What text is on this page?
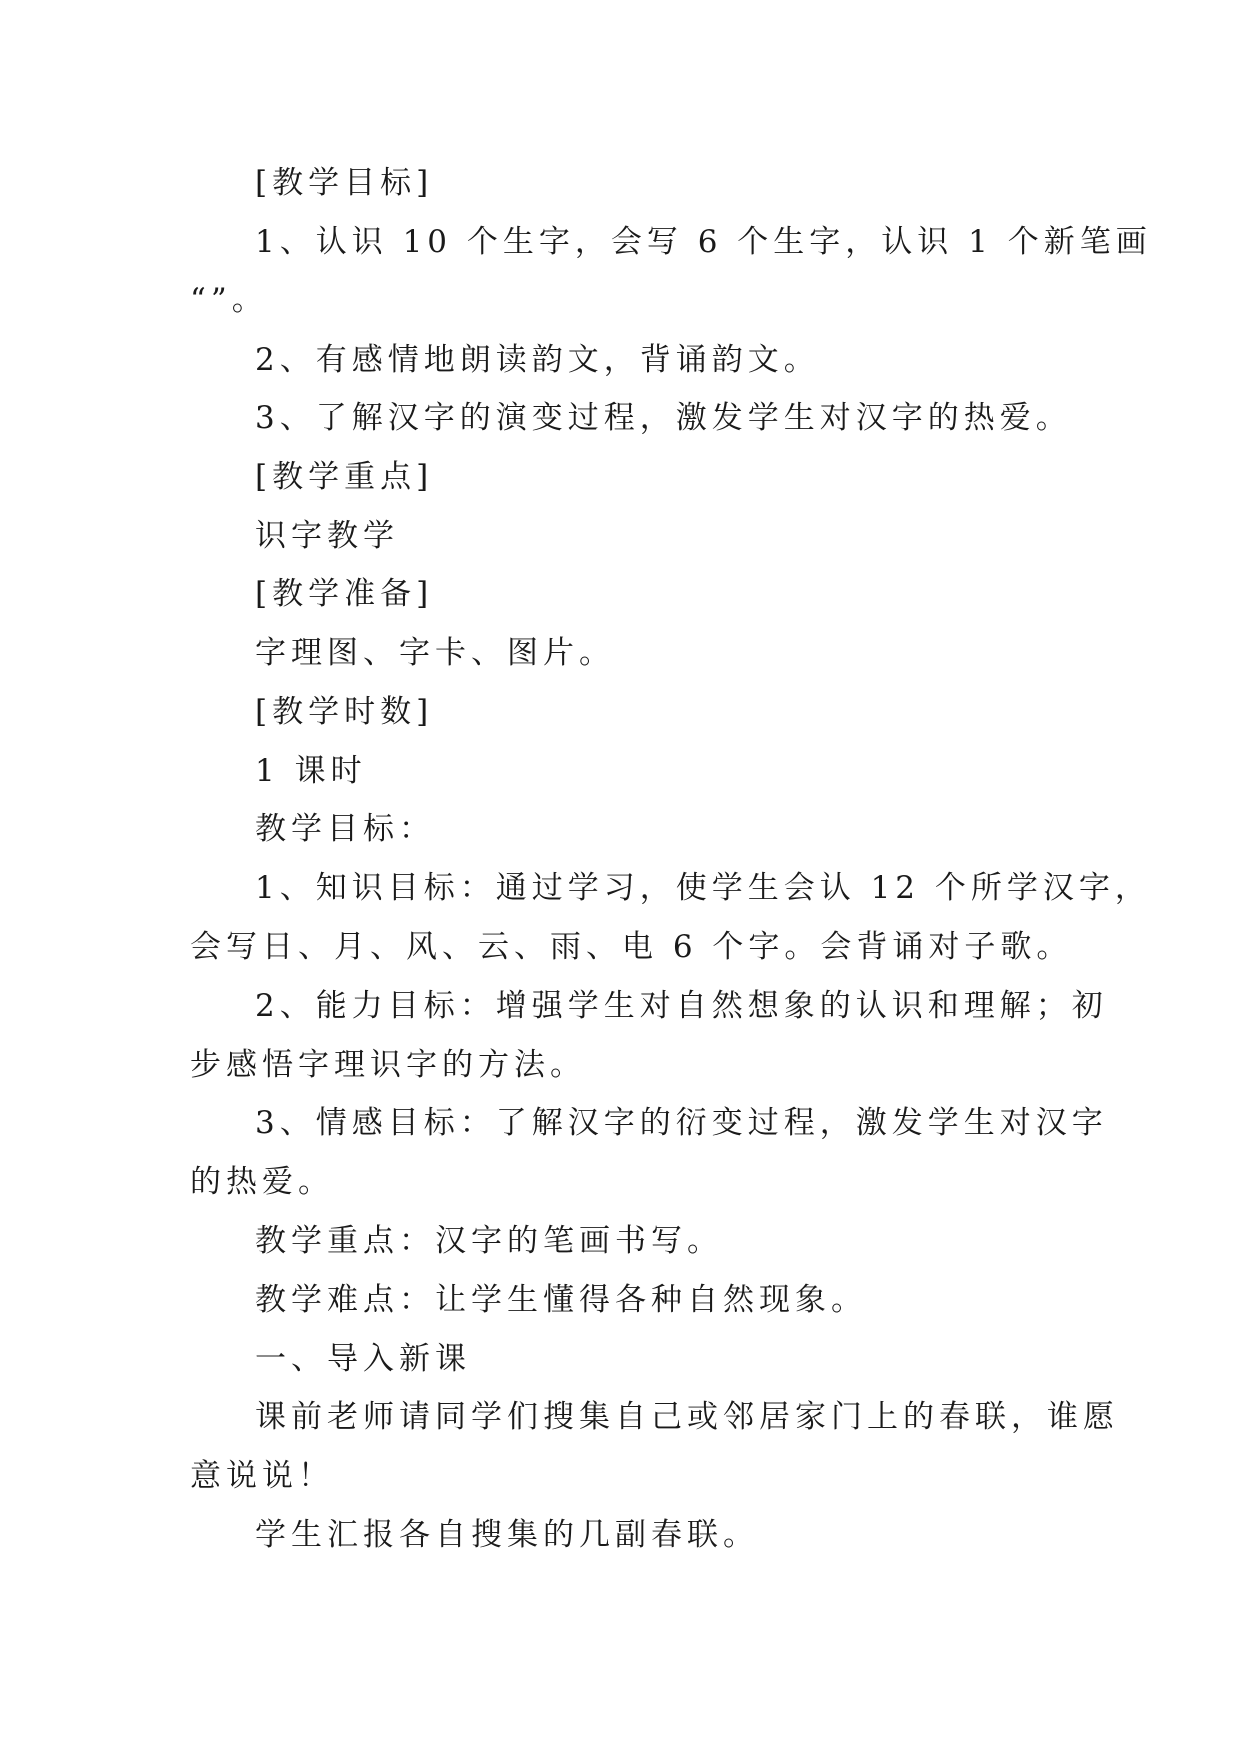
[教学目标]
1、认识 10 个生字，会写 6 个生字，认识 1 个新笔画
“”。
2、有感情地朗读韵文，背诵韵文。
3、了解汉字的演变过程，激发学生对汉字的热爱。
[教学重点]
识字教学
[教学准备]
字理图、字卡、图片。
[教学时数]
1 课时
教学目标：
1、知识目标：通过学习，使学生会认 12 个所学汉字，
会写日、月、风、云、雨、电 6 个字。会背诵对子歌。
2、能力目标：增强学生对自然想象的认识和理解；初
步感悟字理识字的方法。
3、情感目标：了解汉字的衍变过程，激发学生对汉字
的热爱。
教学重点：汉字的笔画书写。
教学难点：让学生懂得各种自然现象。
一、导入新课
课前老师请同学们搜集自己或邻居家门上的春联，谁愿
意说说！
学生汇报各自搜集的几副春联。
